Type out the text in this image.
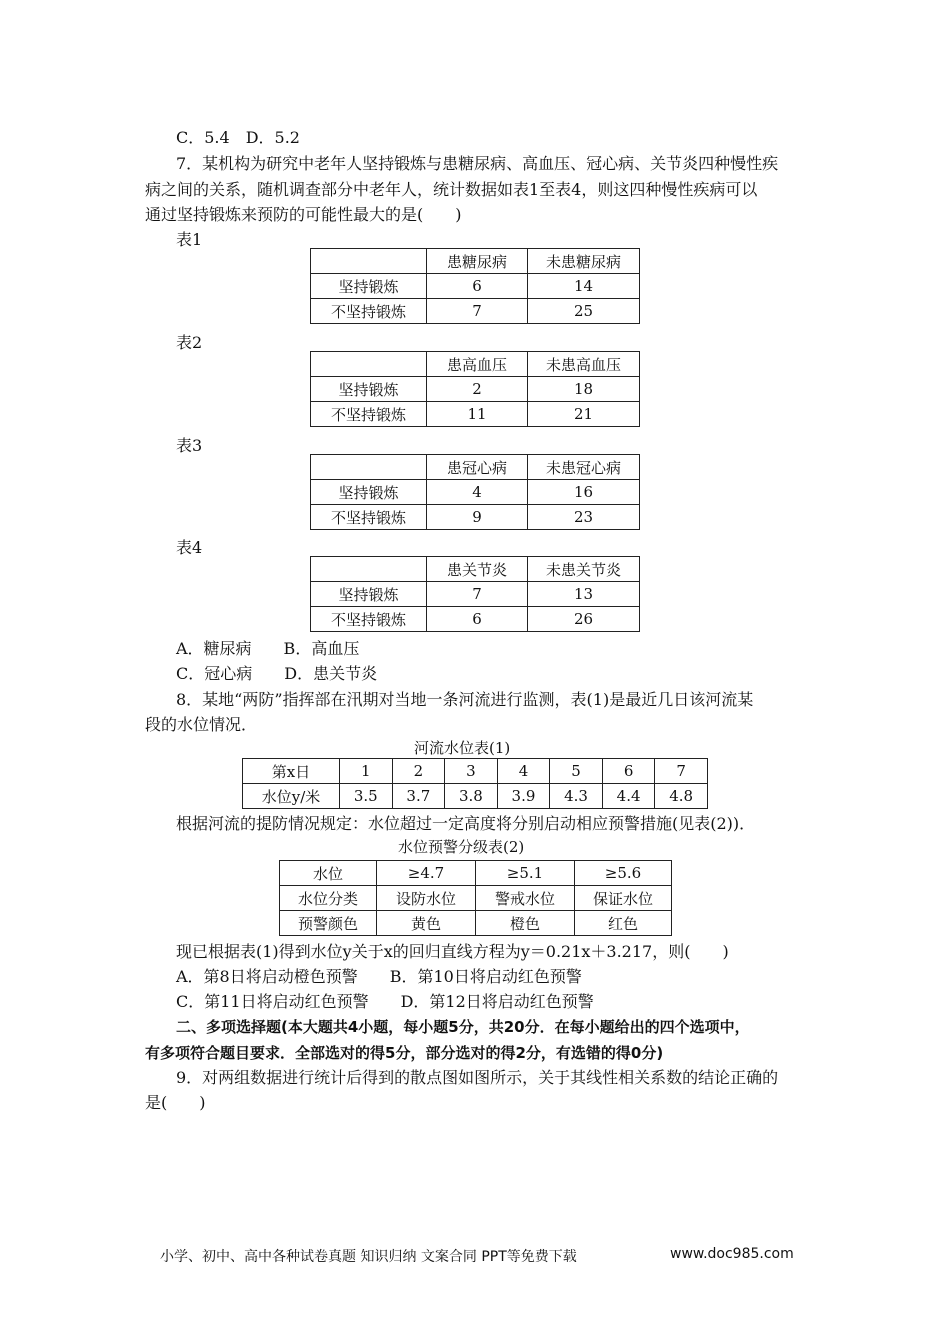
C．5.4　D．5.2
7．某机构为研究中老年人坚持锻炼与患糖尿病、高血压、冠心病、关节炎四种慢性疾
病之间的关系，随机调查部分中老年人，统计数据如表1至表4，则这四种慢性疾病可以
通过坚持锻炼来预防的可能性最大的是(　　)
表1
	患糖尿病	未患糖尿病
坚持锻炼	6	14
不坚持锻炼	7	25
表2
	患高血压	未患高血压
坚持锻炼	2	18
不坚持锻炼	11	21
表3
	患冠心病	未患冠心病
坚持锻炼	4	16
不坚持锻炼	9	23
表4
	患关节炎	未患关节炎
坚持锻炼	7	13
不坚持锻炼	6	26
A．糖尿病　　B．高血压
C．冠心病　　D．患关节炎
8．某地“两防”指挥部在汛期对当地一条河流进行监测，表(1)是最近几日该河流某
段的水位情况．
河流水位表(1)
第x日	1	2	3	4	5	6	7
水位y/米	3.5	3.7	3.8	3.9	4.3	4.4	4.8
根据河流的提防情况规定：水位超过一定高度将分别启动相应预警措施(见表(2))．
水位预警分级表(2)
水位	≥4.7	≥5.1	≥5.6
水位分类	设防水位	警戒水位	保证水位
预警颜色	黄色	橙色	红色
现已根据表(1)得到水位y关于x的回归直线方程为y＝0.21x＋3.217，则(　　)
A．第8日将启动橙色预警　　B．第10日将启动红色预警
C．第11日将启动红色预警　　D．第12日将启动红色预警
二、多项选择题(本大题共4小题，每小题5分，共20分．在每小题给出的四个选项中，
有多项符合题目要求．全部选对的得5分，部分选对的得2分，有选错的得0分)
9．对两组数据进行统计后得到的散点图如图所示，关于其线性相关系数的结论正确的
是(　　)
小学、初中、高中各种试卷真题 知识归纳 文案合同 PPT等免费下载	www.doc985.com
